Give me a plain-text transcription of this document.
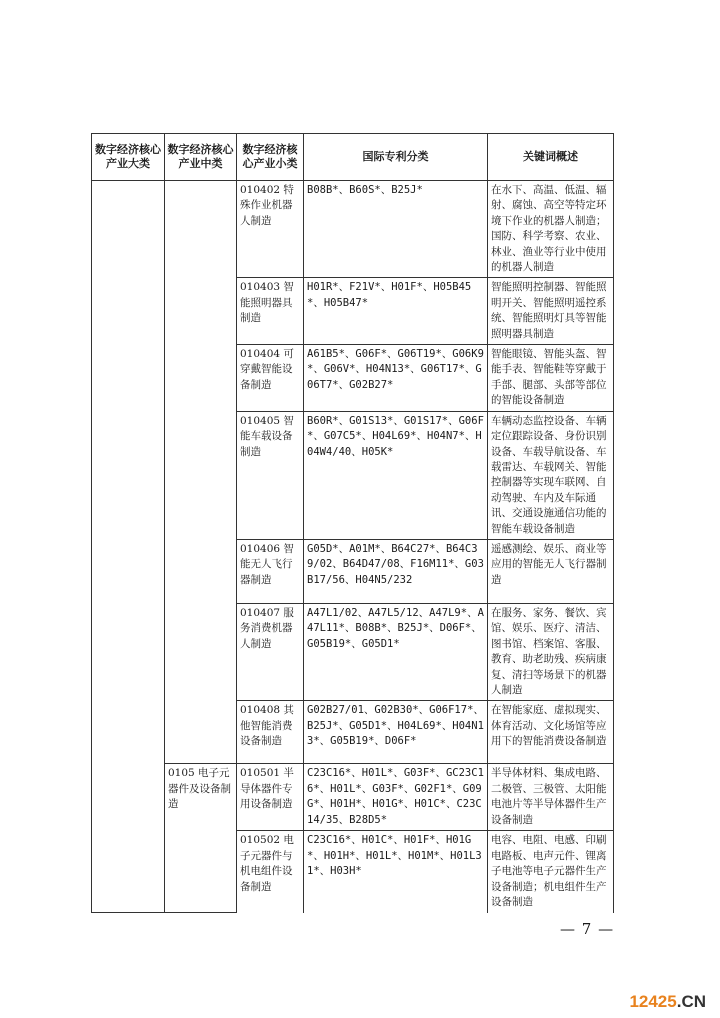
数字经济核心产业大类	数字经济核心产业中类	数字经济核心产业小类	国际专利分类	关键词概述
		010402 特殊作业机器人制造	B08B*、B60S*、B25J*	在水下、高温、低温、辐射、腐蚀、高空等特定环境下作业的机器人制造；国防、科学考察、农业、林业、渔业等行业中使用的机器人制造
		010403 智能照明器具制造	H01R*、F21V*、H01F*、H05B45*、H05B47*	智能照明控制器、智能照明开关、智能照明遥控系统、智能照明灯具等智能照明器具制造
		010404 可穿戴智能设备制造	A61B5*、G06F*、G06T19*、G06K9*、G06V*、H04N13*、G06T17*、G06T7*、G02B27*	智能眼镜、智能头盔、智能手表、智能鞋等穿戴于手部、腿部、头部等部位的智能设备制造
		010405 智能车载设备制造	B60R*、G01S13*、G01S17*、G06F*、G07C5*、H04L69*、H04N7*、H04W4/40、H05K*	车辆动态监控设备、车辆定位跟踪设备、身份识别设备、车载导航设备、车载雷达、车载网关、智能控制器等实现车联网、自动驾驶、车内及车际通讯、交通设施通信功能的智能车载设备制造
		010406 智能无人飞行器制造	G05D*、A01M*、B64C27*、B64C39/02、B64D47/08、F16M11*、G03B17/56、H04N5/232	遥感测绘、娱乐、商业等应用的智能无人飞行器制造
		010407 服务消费机器人制造	A47L1/02、A47L5/12、A47L9*、A47L11*、B08B*、B25J*、D06F*、G05B19*、G05D1*	在服务、家务、餐饮、宾馆、娱乐、医疗、清洁、图书馆、档案馆、客服、教育、助老助残、疾病康复、清扫等场景下的机器人制造
		010408 其他智能消费设备制造	G02B27/01、G02B30*、G06F17*、B25J*、G05D1*、H04L69*、H04N13*、G05B19*、D06F*	在智能家庭、虚拟现实、体育活动、文化场馆等应用下的智能消费设备制造
	0105 电子元器件及设备制造	010501 半导体器件专用设备制造	C23C16*、H01L*、G03F*、GC23C16*、H01L*、G03F*、G02F1*、G09G*、H01H*、H01G*、H01C*、C23C14/35、B28D5*	半导体材料、集成电路、二极管、三极管、太阳能电池片等半导体器件生产设备制造
		010502 电子元器件与机电组件设备制造	C23C16*、H01C*、H01F*、H01G*、H01H*、H01L*、H01M*、H01L31*、H03H*	电容、电阻、电感、印刷电路板、电声元件、锂离子电池等电子元器件生产设备制造；机电组件生产设备制造
— 7 —
12425.CN
